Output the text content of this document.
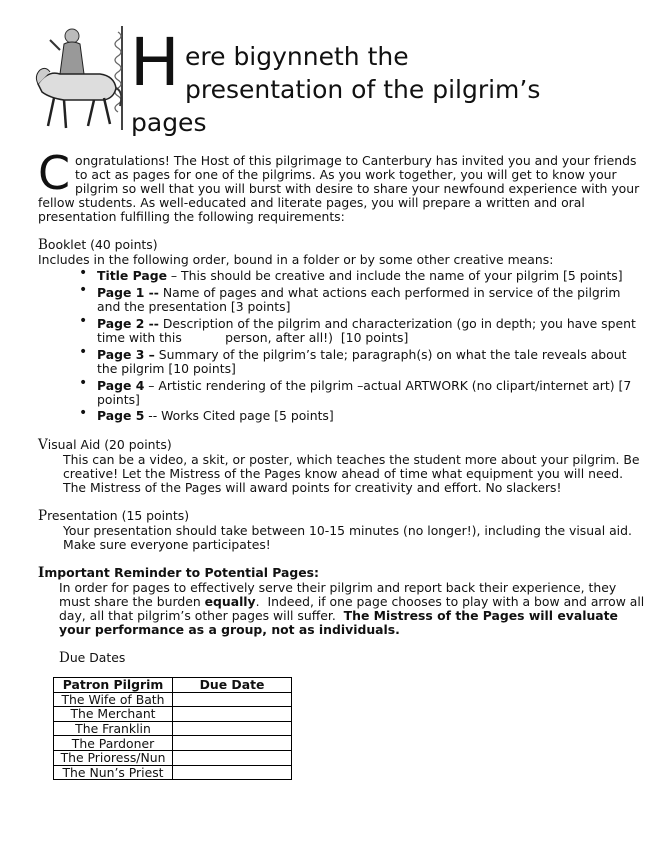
H ere bigynneth the
presentation of the pilgrim’s
pages
C ongratulations! The Host of this pilgrimage to Canterbury has invited you and your friends
to act as pages for one of the pilgrims. As you work together, you will get to know your
pilgrim so well that you will burst with desire to share your newfound experience with your
fellow students. As well-educated and literate pages, you will prepare a written and oral
presentation fulfilling the following requirements:
Booklet (40 points)
Includes in the following order, bound in a folder or by some other creative means:
• Title Page – This should be creative and include the name of your pilgrim [5 points]
• Page 1 -- Name of pages and what actions each performed in service of the pilgrim
and the presentation [3 points]
• Page 2 -- Description of the pilgrim and characterization (go in depth; you have spent
time with this           person, after all!)  [10 points]
• Page 3 – Summary of the pilgrim’s tale; paragraph(s) on what the tale reveals about
the pilgrim [10 points]
• Page 4 – Artistic rendering of the pilgrim –actual ARTWORK (no clipart/internet art) [7
points]
• Page 5 -- Works Cited page [5 points]
Visual Aid (20 points)
This can be a video, a skit, or poster, which teaches the student more about your pilgrim. Be
creative! Let the Mistress of the Pages know ahead of time what equipment you will need.
The Mistress of the Pages will award points for creativity and effort. No slackers!
Presentation (15 points)
Your presentation should take between 10-15 minutes (no longer!), including the visual aid.
Make sure everyone participates!
Important Reminder to Potential Pages:
In order for pages to effectively serve their pilgrim and report back their experience, they
must share the burden equally.  Indeed, if one page chooses to play with a bow and arrow all
day, all that pilgrim’s other pages will suffer.  The Mistress of the Pages will evaluate
your performance as a group, not as individuals.
Due Dates
Patron Pilgrim	Due Date
The Wife of Bath	
The Merchant	
The Franklin	
The Pardoner	
The Prioress/Nun	
The Nun’s Priest	
